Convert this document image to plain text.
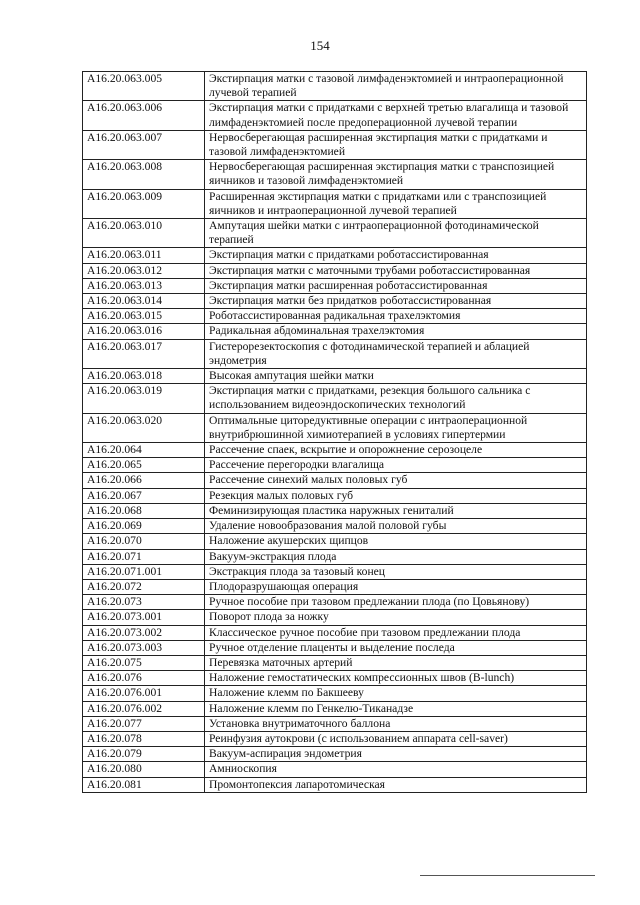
154
A16.20.063.005	Экстирпация матки с тазовой лимфаденэктомией и интраоперационной лучевой терапией
A16.20.063.006	Экстирпация матки с придатками с верхней третью влагалища и тазовой лимфаденэктомией после предоперационной лучевой терапии
A16.20.063.007	Нервосберегающая расширенная экстирпация матки с придатками и тазовой лимфаденэктомией
A16.20.063.008	Нервосберегающая расширенная экстирпация матки с транспозицией яичников и тазовой лимфаденэктомией
A16.20.063.009	Расширенная экстирпация матки с придатками или с транспозицией яичников и интраоперационной лучевой терапией
A16.20.063.010	Ампутация шейки матки с интраоперационной фотодинамической терапией
A16.20.063.011	Экстирпация матки с придатками роботассистированная
A16.20.063.012	Экстирпация матки с маточными трубами роботассистированная
A16.20.063.013	Экстирпация матки расширенная роботассистированная
A16.20.063.014	Экстирпация матки без придатков роботассистированная
A16.20.063.015	Роботассистированная радикальная трахелэктомия
A16.20.063.016	Радикальная абдоминальная трахелэктомия
A16.20.063.017	Гистерорезектоскопия с фотодинамической терапией и аблацией эндометрия
A16.20.063.018	Высокая ампутация шейки матки
A16.20.063.019	Экстирпация матки с придатками, резекция большого сальника с использованием видеоэндоскопических технологий
A16.20.063.020	Оптимальные циторедуктивные операции с интраоперационной внутрибрюшинной химиотерапией в условиях гипертермии
A16.20.064	Рассечение спаек, вскрытие и опорожнение серозоцеле
A16.20.065	Рассечение перегородки влагалища
A16.20.066	Рассечение синехий малых половых губ
A16.20.067	Резекция малых половых губ
A16.20.068	Феминизирующая пластика наружных гениталий
A16.20.069	Удаление новообразования малой половой губы
A16.20.070	Наложение акушерских щипцов
A16.20.071	Вакуум-экстракция плода
A16.20.071.001	Экстракция плода за тазовый конец
A16.20.072	Плодоразрушающая операция
A16.20.073	Ручное пособие при тазовом предлежании плода (по Цовьянову)
A16.20.073.001	Поворот плода за ножку
A16.20.073.002	Классическое ручное пособие при тазовом предлежании плода
A16.20.073.003	Ручное отделение плаценты и выделение последа
A16.20.075	Перевязка маточных артерий
A16.20.076	Наложение гемостатических компрессионных швов (B-lunch)
A16.20.076.001	Наложение клемм по Бакшееву
A16.20.076.002	Наложение клемм по Генкелю-Тиканадзе
A16.20.077	Установка внутриматочного баллона
A16.20.078	Реинфузия аутокрови (с использованием аппарата cell-saver)
A16.20.079	Вакуум-аспирация эндометрия
A16.20.080	Амниоскопия
A16.20.081	Промонтопексия лапаротомическая
